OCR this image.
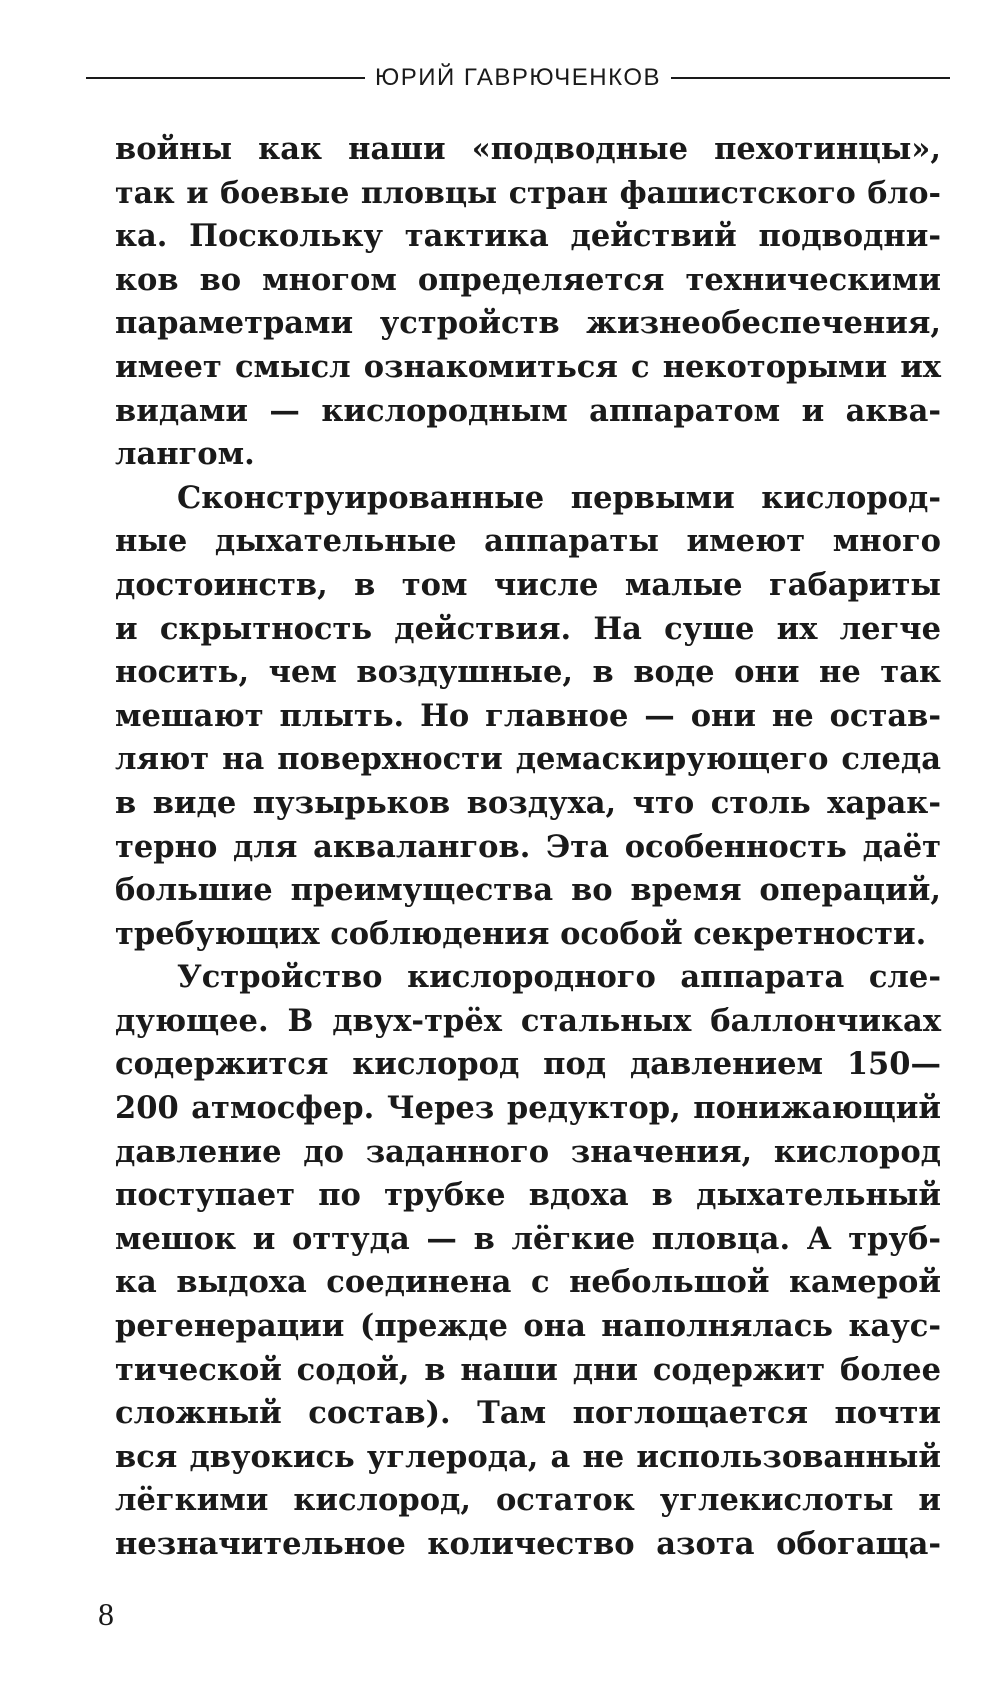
ЮРИЙ ГАВРЮЧЕНКОВ
войны как наши «подводные пехотинцы»,
так и боевые пловцы стран фашистского бло-
ка. Поскольку тактика действий подводни-
ков во многом определяется техническими
параметрами устройств жизнеобеспечения,
имеет смысл ознакомиться с некоторыми их
видами — кислородным аппаратом и аква-
лангом.
Сконструированные первыми кислород-
ные дыхательные аппараты имеют много
достоинств, в том числе малые габариты
и скрытность действия. На суше их легче
носить, чем воздушные, в воде они не так
мешают плыть. Но главное — они не остав-
ляют на поверхности демаскирующего следа
в виде пузырьков воздуха, что столь харак-
терно для аквалангов. Эта особенность даёт
большие преимущества во время операций,
требующих соблюдения особой секретности.
Устройство кислородного аппарата сле-
дующее. В двух-трёх стальных баллончиках
содержится кислород под давлением 150—
200 атмосфер. Через редуктор, понижающий
давление до заданного значения, кислород
поступает по трубке вдоха в дыхательный
мешок и оттуда — в лёгкие пловца. А труб-
ка выдоха соединена с небольшой камерой
регенерации (прежде она наполнялась каус-
тической содой, в наши дни содержит более
сложный состав). Там поглощается почти
вся двуокись углерода, а не использованный
лёгкими кислород, остаток углекислоты и
незначительное количество азота обогаща-
8
